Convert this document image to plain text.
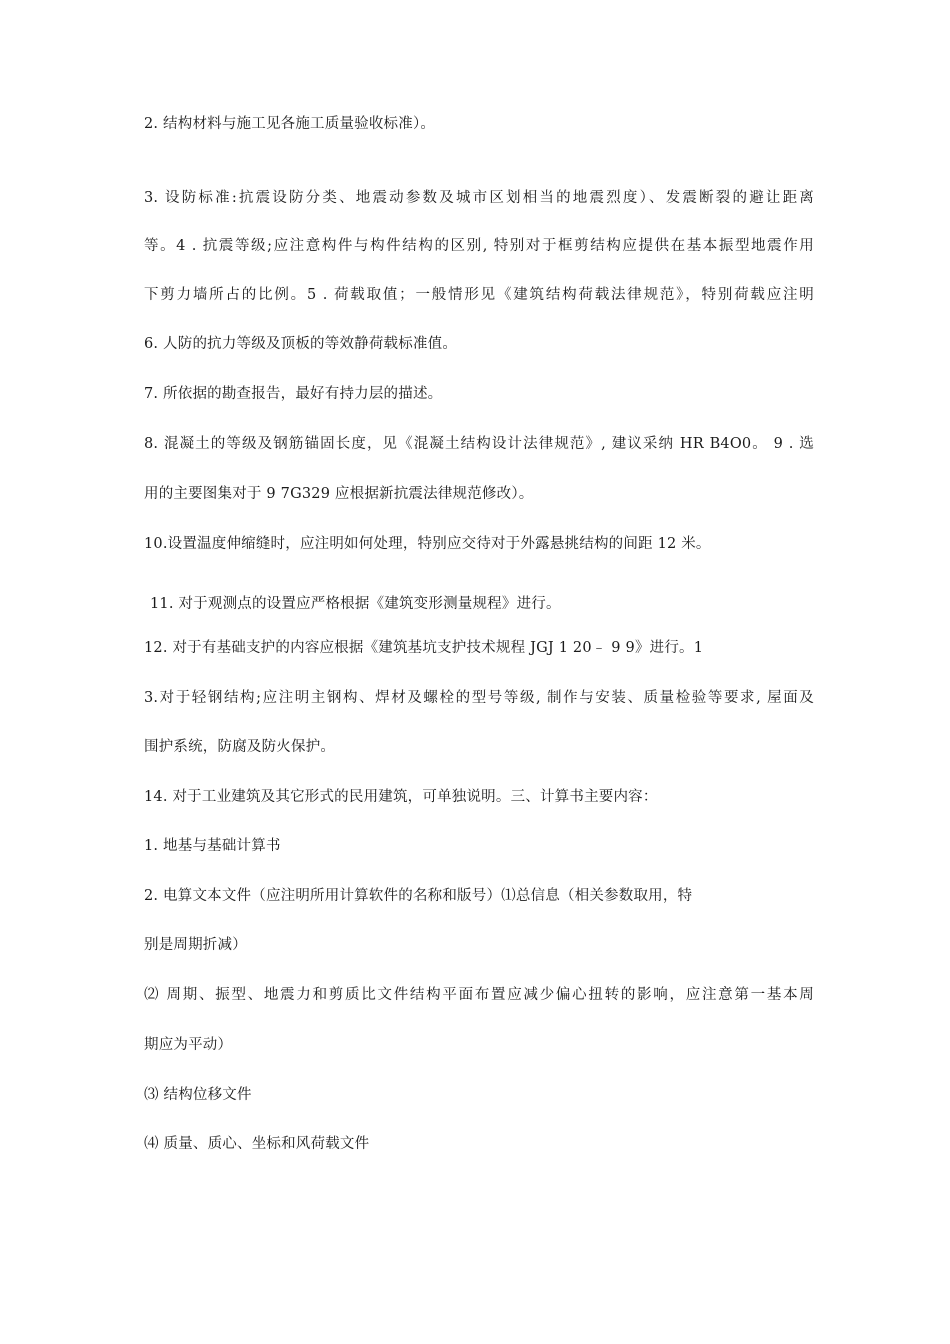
2. 结构材料与施工见各施工质量验收标准）。
3. 设防标准:抗震设防分类、地震动参数及城市区划相当的地震烈度）、发震断裂的避让距离
等。4 . 抗震等级;应注意构件与构件结构的区别, 特别对于框剪结构应提供在基本振型地震作用
下剪力墙所占的比例。5 . 荷载取值；一般情形见《建筑结构荷载法律规范》，特别荷载应注明
6. 人防的抗力等级及顶板的等效静荷载标准值。
7. 所依据的勘查报告，最好有持力层的描述。
8. 混凝土的等级及钢筋锚固长度，见《混凝土结构设计法律规范》, 建议采纳 HR B4O0。 9 . 选
用的主要图集对于 9 7G329 应根据新抗震法律规范修改）。
10.设置温度伸缩缝时，应注明如何处理，特别应交待对于外露悬挑结构的间距 12 米。
11. 对于观测点的设置应严格根据《建筑变形测量规程》进行。
12. 对于有基础支护的内容应根据《建筑基坑支护技术规程 JGJ 1 20﹣ 9 9》进行。1
3.对于轻钢结构;应注明主钢构、焊材及螺栓的型号等级, 制作与安装、质量检验等要求, 屋面及
围护系统，防腐及防火保护。
14. 对于工业建筑及其它形式的民用建筑，可单独说明。三、计算书主要内容：
1. 地基与基础计算书
2. 电算文本文件（应注明所用计算软件的名称和版号）⑴总信息（相关参数取用，特
别是周期折减）
⑵ 周期、振型、地震力和剪质比文件结构平面布置应减少偏心扭转的影响，应注意第一基本周
期应为平动）
⑶ 结构位移文件
⑷ 质量、质心、坐标和风荷载文件
